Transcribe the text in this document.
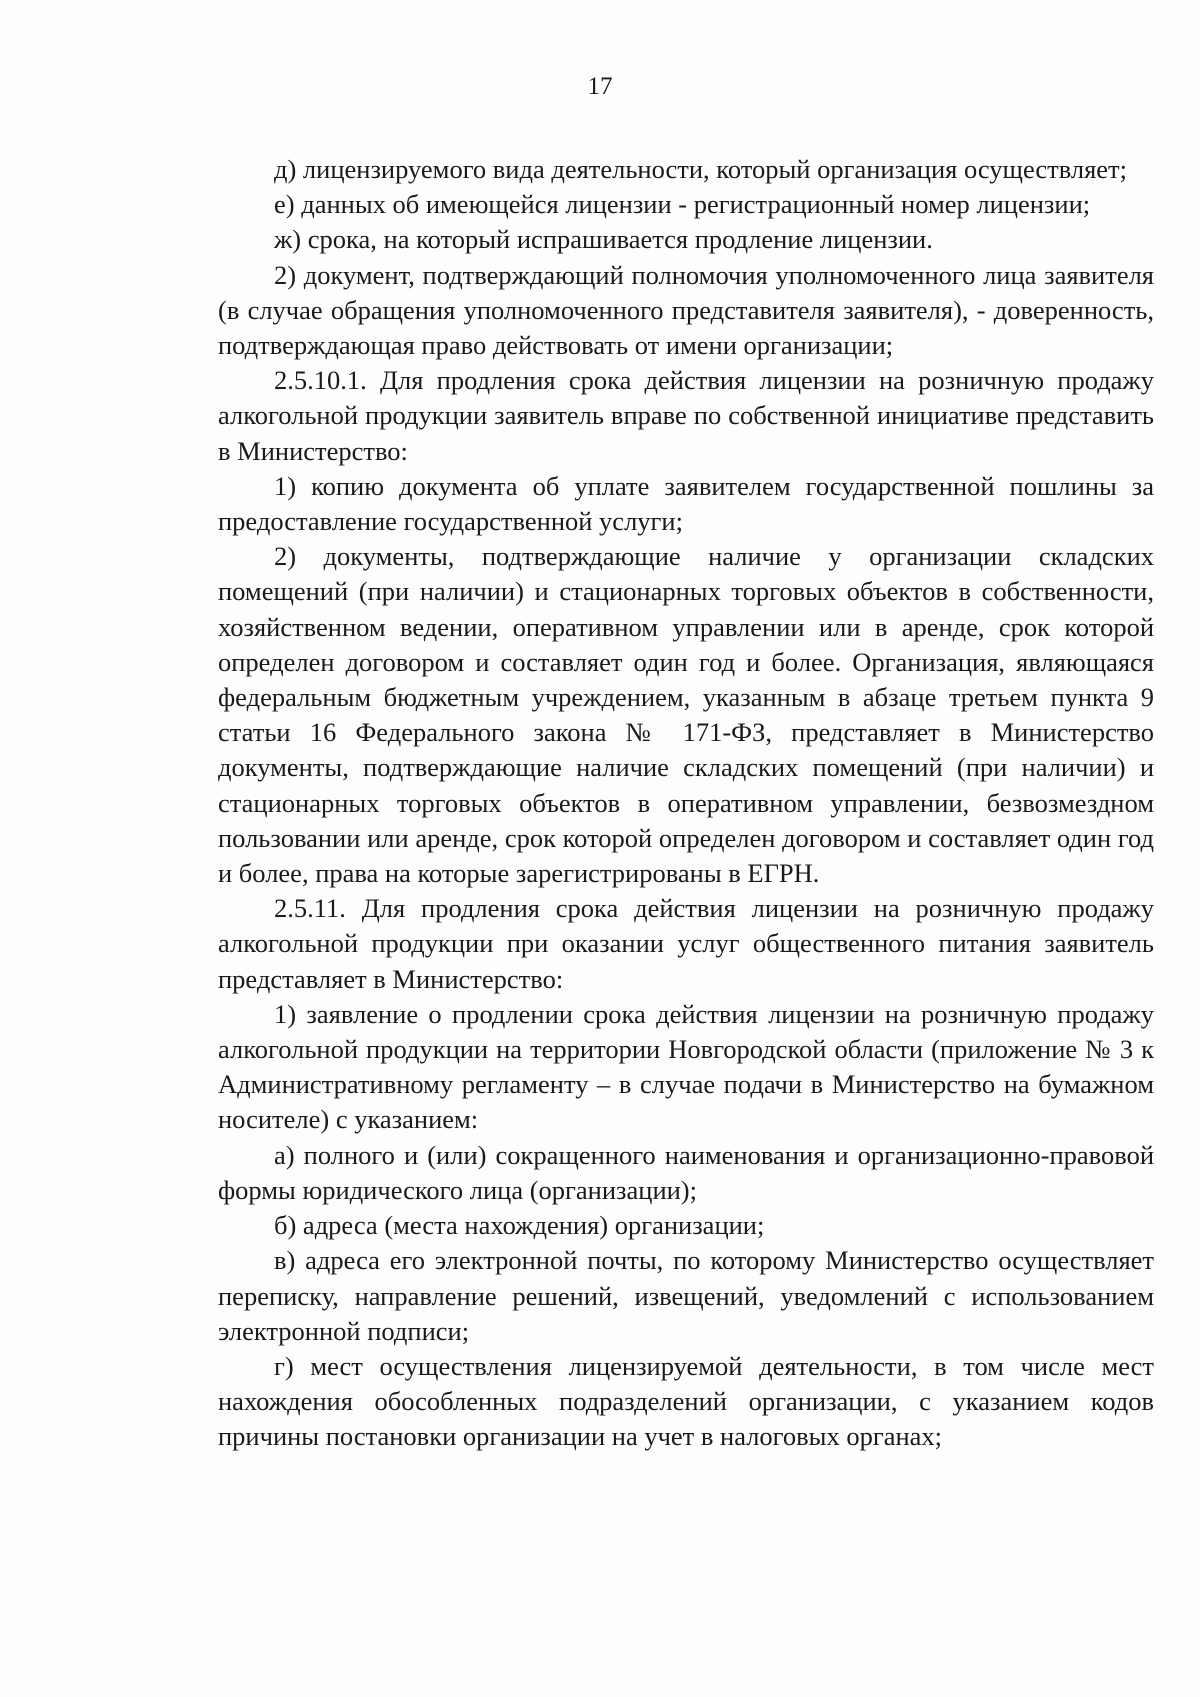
17

д) лицензируемого вида деятельности, который организация осуществляет;

е) данных об имеющейся лицензии - регистрационный номер лицензии;

ж) срока, на который испрашивается продление лицензии.

2) документ, подтверждающий полномочия уполномоченного лица заявителя (в случае обращения уполномоченного представителя заявителя), - доверенность, подтверждающая право действовать от имени организации;

2.5.10.1. Для продления срока действия лицензии на розничную продажу алкогольной продукции заявитель вправе по собственной инициативе представить в Министерство:

1) копию документа об уплате заявителем государственной пошлины за предоставление государственной услуги;

2) документы, подтверждающие наличие у организации складских помещений (при наличии) и стационарных торговых объектов в собственности, хозяйственном ведении, оперативном управлении или в аренде, срок которой определен договором и составляет один год и более. Организация, являющаяся федеральным бюджетным учреждением, указанным в абзаце третьем пункта 9 статьи 16 Федерального закона № 171-ФЗ, представляет в Министерство документы, подтверждающие наличие складских помещений (при наличии) и стационарных торговых объектов в оперативном управлении, безвозмездном пользовании или аренде, срок которой определен договором и составляет один год и более, права на которые зарегистрированы в ЕГРН.

2.5.11. Для продления срока действия лицензии на розничную продажу алкогольной продукции при оказании услуг общественного питания заявитель представляет в Министерство:

1) заявление о продлении срока действия лицензии на розничную продажу алкогольной продукции на территории Новгородской области (приложение № 3 к Административному регламенту – в случае подачи в Министерство на бумажном носителе) с указанием:

а) полного и (или) сокращенного наименования и организационно-правовой формы юридического лица (организации);

б) адреса (места нахождения) организации;

в) адреса его электронной почты, по которому Министерство осуществляет переписку, направление решений, извещений, уведомлений с использованием электронной подписи;

г) мест осуществления лицензируемой деятельности, в том числе мест нахождения обособленных подразделений организации, с указанием кодов причины постановки организации на учет в налоговых органах;
